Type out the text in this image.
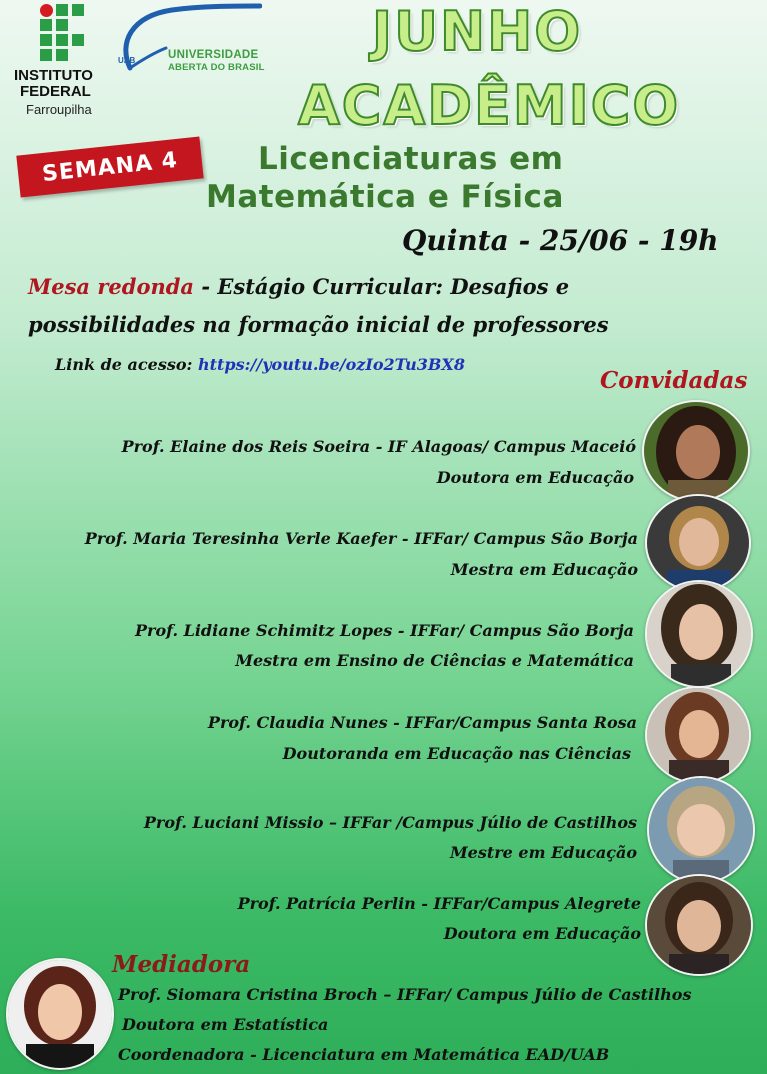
INSTITUTO
FEDERAL
Farroupilha
UAB	UNIVERSIDADE
ABERTA DO BRASIL
JUNHO
ACADÊMICO
SEMANA 4	Licenciaturas em
Matemática e Física
Quinta - 25/06 - 19h
Mesa redonda - Estágio Curricular: Desafios e
possibilidades na formação inicial de professores
Link de acesso: https://youtu.be/ozIo2Tu3BX8
Convidadas
Prof. Elaine dos Reis Soeira - IF Alagoas/ Campus Maceió
Doutora em Educação
Prof. Maria Teresinha Verle Kaefer - IFFar/ Campus São Borja
Mestra em Educação
Prof. Lidiane Schimitz Lopes - IFFar/ Campus São Borja
Mestra em Ensino de Ciências e Matemática
Prof. Claudia Nunes - IFFar/Campus Santa Rosa
Doutoranda em Educação nas Ciências
Prof. Luciani Missio – IFFar /Campus Júlio de Castilhos
Mestre em Educação
Prof. Patrícia Perlin - IFFar/Campus Alegrete
Doutora em Educação
Mediadora
Prof. Siomara Cristina Broch – IFFar/ Campus Júlio de Castilhos
Doutora em Estatística
Coordenadora - Licenciatura em Matemática EAD/UAB
